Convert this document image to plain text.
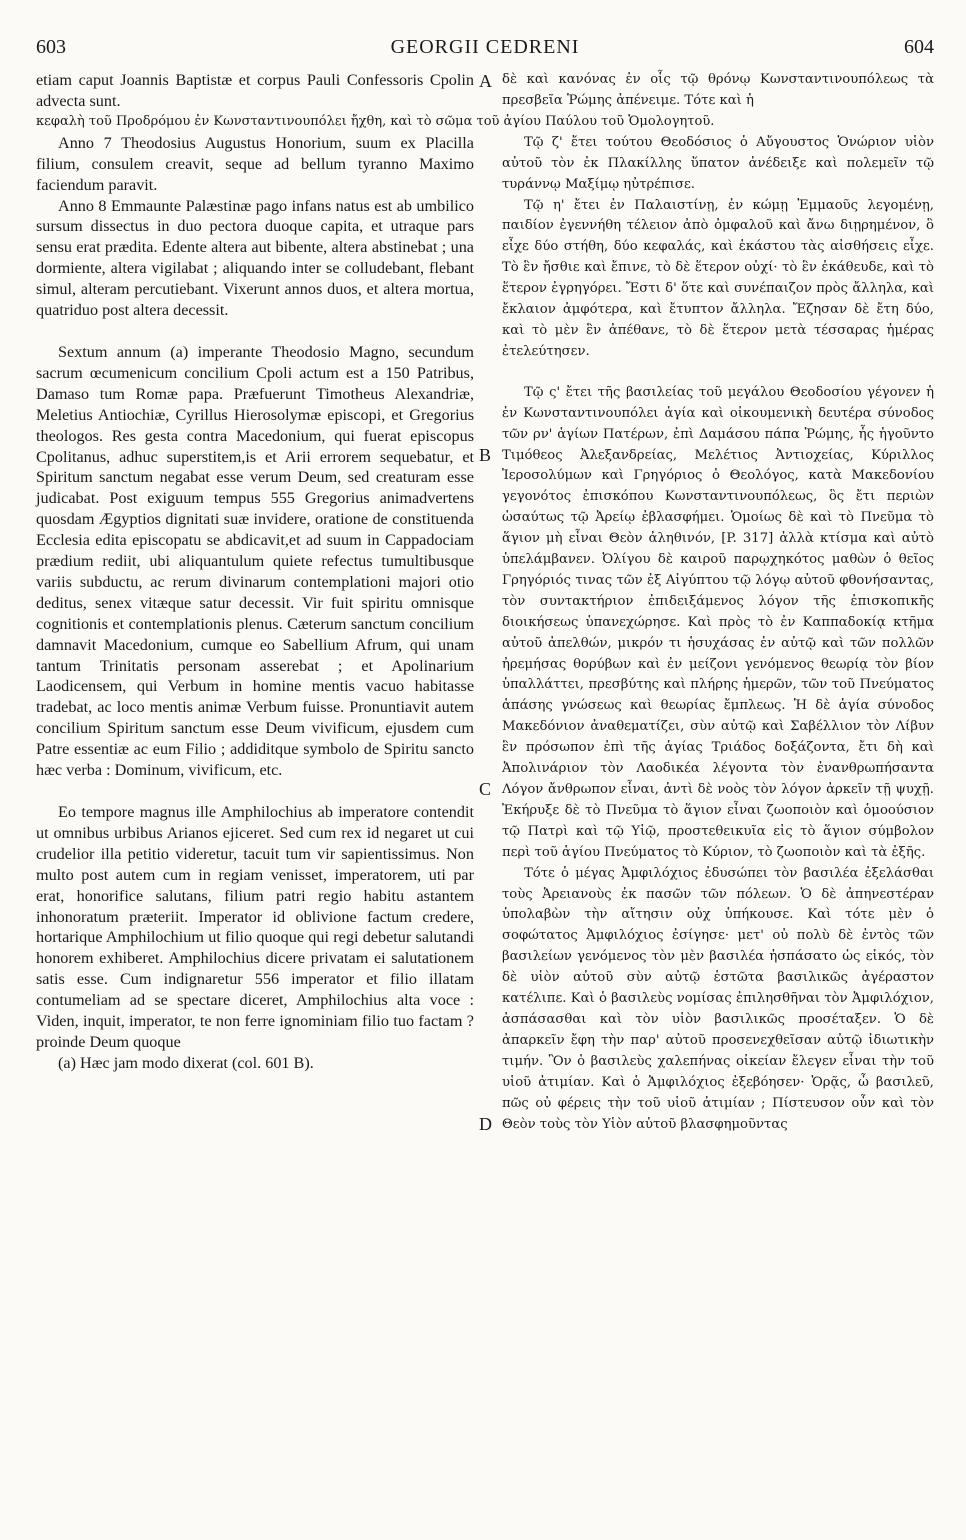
603	GEORGII CEDRENI	604

etiam caput Joannis Baptistæ et corpus Pauli Confessoris Cpolin advecta sunt.

Anno 7 Theodosius Augustus Honorium, suum ex Placilla filium, consulem creavit, seque ad bellum tyranno Maximo faciendum paravit.

Anno 8 Emmaunte Palæstinæ pago infans natus est ab umbilico sursum dissectus in duo pectora duoque capita, et utraque pars sensu erat prædita. Edente altera aut bibente, altera abstinebat ; una dormiente, altera vigilabat ; aliquando inter se colludebant, flebant simul, alteram percutiebant. Vixerunt annos duos, et altera mortua, quatriduo post altera decessit.

Sextum annum (a) imperante Theodosio Magno, secundum sacrum œcumenicum concilium Cpoli actum est a 150 Patribus, Damaso tum Romæ papa. Præfuerunt Timotheus Alexandriæ, Meletius Antiochiæ, Cyrillus Hierosolymæ episcopi, et Gregorius theologos. Res gesta contra Macedonium, qui fuerat episcopus Cpolitanus, adhuc superstitem,is et Arii errorem sequebatur, et Spiritum sanctum negabat esse verum Deum, sed creaturam esse judicabat. Post exiguum tempus 555 Gregorius animadvertens quosdam Ægyptios dignitati suæ invidere, oratione de constituenda Ecclesia edita episcopatu se abdicavit,et ad suum in Cappadociam prædium rediit, ubi aliquantulum quiete refectus tumultibusque variis subductu, ac rerum divinarum contemplationi majori otio deditus, senex vitæque satur decessit. Vir fuit spiritu omnisque cognitionis et contemplationis plenus. Cæterum sanctum concilium damnavit Macedonium, cumque eo Sabellium Afrum, qui unam tantum Trinitatis personam asserebat ; et Apolinarium Laodicensem, qui Verbum in homine mentis vacuo habitasse tradebat, ac loco mentis animæ Verbum fuisse. Pronuntiavit autem concilium Spiritum sanctum esse Deum vivificum, ejusdem cum Patre essentiæ ac eum Filio ; addiditque symbolo de Spiritu sancto hæc verba : Dominum, vivificum, etc.

Eo tempore magnus ille Amphilochius ab imperatore contendit ut omnibus urbibus Arianos ejiceret. Sed cum rex id negaret ut cui crudelior illa petitio videretur, tacuit tum vir sapientissimus. Non multo post autem cum in regiam venisset, imperatorem, uti par erat, honorifice salutans, filium patri regio habitu astantem inhonoratum præteriit. Imperator id oblivione factum credere, hortarique Amphilochium ut filio quoque qui regi debetur salutandi honorem exhiberet. Amphilochius dicere privatam ei salutationem satis esse. Cum indignaretur 556 imperator et filio illatam contumeliam ad se spectare diceret, Amphilochius alta voce : Viden, inquit, imperator, te non ferre ignominiam filio tuo factam ? proinde Deum quoque

(a) Hæc jam modo dixerat (col. 601 B).

κεφαλὴ τοῦ Προδρόμου ἐν Κωνσταντινουπόλει ἤχθη, καὶ τὸ σῶμα τοῦ ἁγίου Παύλου τοῦ Ὁμολογητοῦ.

δὲ καὶ κανόνας ἐν οἷς τῷ θρόνῳ Κωνσταντινουπόλεως τὰ πρεσβεῖα Ῥώμης ἀπένειμε. Τότε καὶ ἡ

Τῷ ζ' ἔτει τούτου Θεοδόσιος ὁ Αὔγουστος Ὁνώριον υἱὸν αὐτοῦ τὸν ἐκ Πλακίλλης ὕπατον ἀνέδειξε καὶ πολεμεῖν τῷ τυράννῳ Μαξίμῳ ηὐτρέπισε.

Τῷ η' ἔτει ἐν Παλαιστίνῃ, ἐν κώμῃ Ἐμμαοῦς λεγομένῃ, παιδίον ἐγεννήθη τέλειον ἀπὸ ὀμφαλοῦ καὶ ἄνω διῃρημένον, ὃ εἶχε δύο στήθη, δύο κεφαλάς, καὶ ἑκάστου τὰς αἰσθήσεις εἶχε. Τὸ ἓν ἤσθιε καὶ ἔπινε, τὸ δὲ ἕτερον οὐχί· τὸ ἓν ἐκάθευδε, καὶ τὸ ἕτερον ἐγρηγόρει. Ἔστι δ' ὅτε καὶ συνέπαιζον πρὸς ἄλληλα, καὶ ἔκλαιον ἀμφότερα, καὶ ἔτυπτον ἄλληλα. Ἔζησαν δὲ ἔτη δύο, καὶ τὸ μὲν ἓν ἀπέθανε, τὸ δὲ ἕτερον μετὰ τέσσαρας ἡμέρας ἐτελεύτησεν.

Τῷ ς' ἔτει τῆς βασιλείας τοῦ μεγάλου Θεοδοσίου γέγονεν ἡ ἐν Κωνσταντινουπόλει ἁγία καὶ οἰκουμενικὴ δευτέρα σύνοδος τῶν ρν' ἁγίων Πατέρων, ἐπὶ Δαμάσου πάπα Ῥώμης, ἧς ἡγοῦντο Τιμόθεος Ἀλεξανδρείας, Μελέτιος Ἀντιοχείας, Κύριλλος Ἱεροσολύμων καὶ Γρηγόριος ὁ Θεολόγος, κατὰ Μακεδονίου γεγονότος ἐπισκόπου Κωνσταντινουπόλεως, ὃς ἔτι περιὼν ὡσαύτως τῷ Ἀρείῳ ἐβλασφήμει. Ὁμοίως δὲ καὶ τὸ Πνεῦμα τὸ ἅγιον μὴ εἶναι Θεὸν ἀληθινόν, [P. 317] ἀλλὰ κτίσμα καὶ αὐτὸ ὑπελάμβανεν. Ὀλίγου δὲ καιροῦ παρῳχηκότος μαθὼν ὁ θεῖος Γρηγόριός τινας τῶν ἐξ Αἰγύπτου τῷ λόγῳ αὐτοῦ φθονήσαντας, τὸν συντακτήριον ἐπιδειξάμενος λόγον τῆς ἐπισκοπικῆς διοικήσεως ὑπανεχώρησε. Καὶ πρὸς τὸ ἐν Καππαδοκίᾳ κτῆμα αὐτοῦ ἀπελθών, μικρόν τι ἡσυχάσας ἐν αὐτῷ καὶ τῶν πολλῶν ἠρεμήσας θορύβων καὶ ἐν μείζονι γενόμενος θεωρίᾳ τὸν βίον ὑπαλλάττει, πρεσβύτης καὶ πλήρης ἡμερῶν, τῶν τοῦ Πνεύματος ἁπάσης γνώσεως καὶ θεωρίας ἔμπλεως. Ἡ δὲ ἁγία σύνοδος Μακεδόνιον ἀναθεματίζει, σὺν αὐτῷ καὶ Σαβέλλιον τὸν Λίβυν ἓν πρόσωπον ἐπὶ τῆς ἁγίας Τριάδος δοξάζοντα, ἔτι δὴ καὶ Ἀπολινάριον τὸν Λαοδικέα λέγοντα τὸν ἐνανθρωπήσαντα Λόγον ἄνθρωπον εἶναι, ἀντὶ δὲ νοὸς τὸν λόγον ἀρκεῖν τῇ ψυχῇ. Ἐκήρυξε δὲ τὸ Πνεῦμα τὸ ἅγιον εἶναι ζωοποιὸν καὶ ὁμοούσιον τῷ Πατρὶ καὶ τῷ Υἱῷ, προστεθεικυῖα εἰς τὸ ἅγιον σύμβολον περὶ τοῦ ἁγίου Πνεύματος τὸ Κύριον, τὸ ζωοποιὸν καὶ τὰ ἑξῆς.

Τότε ὁ μέγας Ἀμφιλόχιος ἐδυσώπει τὸν βασιλέα ἐξελάσθαι τοὺς Ἀρειανοὺς ἐκ πασῶν τῶν πόλεων. Ὁ δὲ ἀπηνεστέραν ὑπολαβὼν τὴν αἴτησιν οὐχ ὑπήκουσε. Καὶ τότε μὲν ὁ σοφώτατος Ἀμφιλόχιος ἐσίγησε· μετ' οὐ πολὺ δὲ ἐντὸς τῶν βασιλείων γενόμενος τὸν μὲν βασιλέα ἠσπάσατο ὡς εἰκός, τὸν δὲ υἱὸν αὐτοῦ σὺν αὐτῷ ἑστῶτα βασιλικῶς ἀγέραστον κατέλιπε. Καὶ ὁ βασιλεὺς νομίσας ἐπιλησθῆναι τὸν Ἀμφιλόχιον, ἀσπάσασθαι καὶ τὸν υἱὸν βασιλικῶς προσέταξεν. Ὁ δὲ ἀπαρκεῖν ἔφη τὴν παρ' αὐτοῦ προσενεχθεῖσαν αὐτῷ ἰδιωτικὴν τιμήν. Ὃν ὁ βασιλεὺς χαλεπήνας οἰκείαν ἔλεγεν εἶναι τὴν τοῦ υἱοῦ ἀτιμίαν. Καὶ ὁ Ἀμφιλόχιος ἐξεβόησεν· Ὁρᾷς, ὦ βασιλεῦ, πῶς οὐ φέρεις τὴν τοῦ υἱοῦ ἀτιμίαν ; Πίστευσον οὖν καὶ τὸν Θεὸν τοὺς τὸν Υἱὸν αὐτοῦ βλασφημοῦντας

A
B
C
D
